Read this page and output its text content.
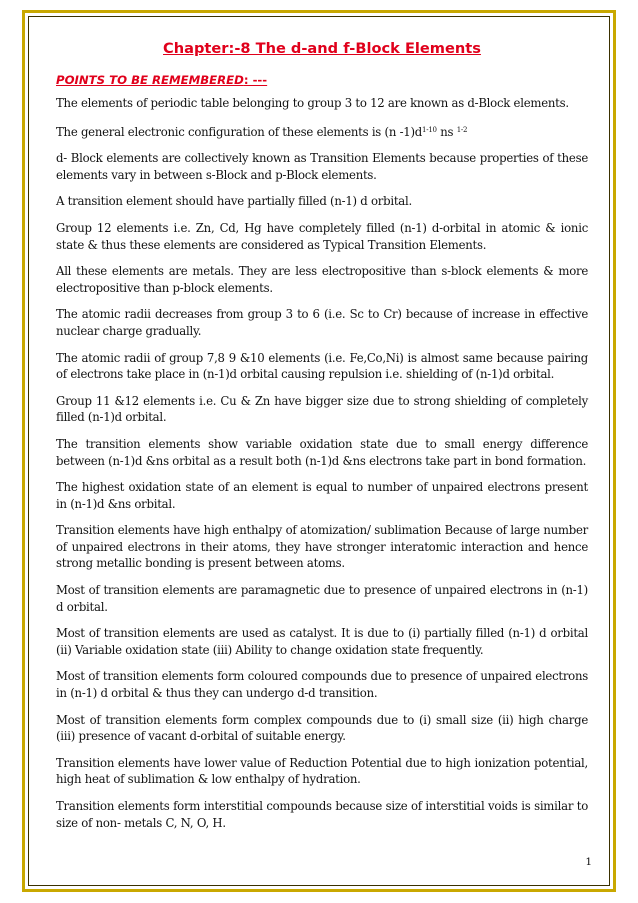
Chapter:-8 The d-and f-Block Elements
POINTS TO BE REMEMBERED: ---

The elements of periodic table belonging to group 3 to 12 are known as d-Block elements.

The general electronic configuration of these elements is (n $-1)d^{1-10}$ ns $^{1-2}$

d- Block elements are collectively known as Transition Elements because properties of these elements vary in between s-Block and p-Block elements.

A transition element should have partially filled (n-1) d orbital.

Group 12 elements i.e. Zn, Cd, Hg have completely filled (n-1) d-orbital in atomic & ionic state & thus these elements are considered as Typical Transition Elements.

All these elements are metals. They are less electropositive than s-block elements & more electropositive than p-block elements.

The atomic radii decreases from group 3 to 6 (i.e. Sc to Cr) because of increase in effective nuclear charge gradually.

The atomic radii of group 7,8 9 &10 elements (i.e. Fe,Co,Ni) is almost same because pairing of electrons take place in (n-1)d orbital causing repulsion i.e. shielding of (n-1)d orbital.

Group 11 &12 elements i.e. Cu & Zn have bigger size due to strong shielding of completely filled (n-1)d orbital.

The transition elements show variable oxidation state due to small energy difference between (n-1)d &ns orbital as a result both (n-1)d &ns electrons take part in bond formation.

The highest oxidation state of an element is equal to number of unpaired electrons present in (n-1)d &ns orbital.

Transition elements have high enthalpy of atomization/ sublimation Because of large number of unpaired electrons in their atoms, they have stronger interatomic interaction and hence strong metallic bonding is present between atoms.

Most of transition elements are paramagnetic due to presence of unpaired electrons in (n-1) d orbital.

Most of transition elements are used as catalyst. It is due to (i) partially filled (n-1) d orbital (ii) Variable oxidation state (iii) Ability to change oxidation state frequently.

Most of transition elements form coloured compounds due to presence of unpaired electrons in (n-1) d orbital & thus they can undergo d-d transition.

Most of transition elements form complex compounds due to (i) small size (ii) high charge (iii) presence of vacant d-orbital of suitable energy.

Transition elements have lower value of Reduction Potential due to high ionization potential, high heat of sublimation & low enthalpy of hydration.

Transition elements form interstitial compounds because size of interstitial voids is similar to size of non- metals C, N, O, H.

1
